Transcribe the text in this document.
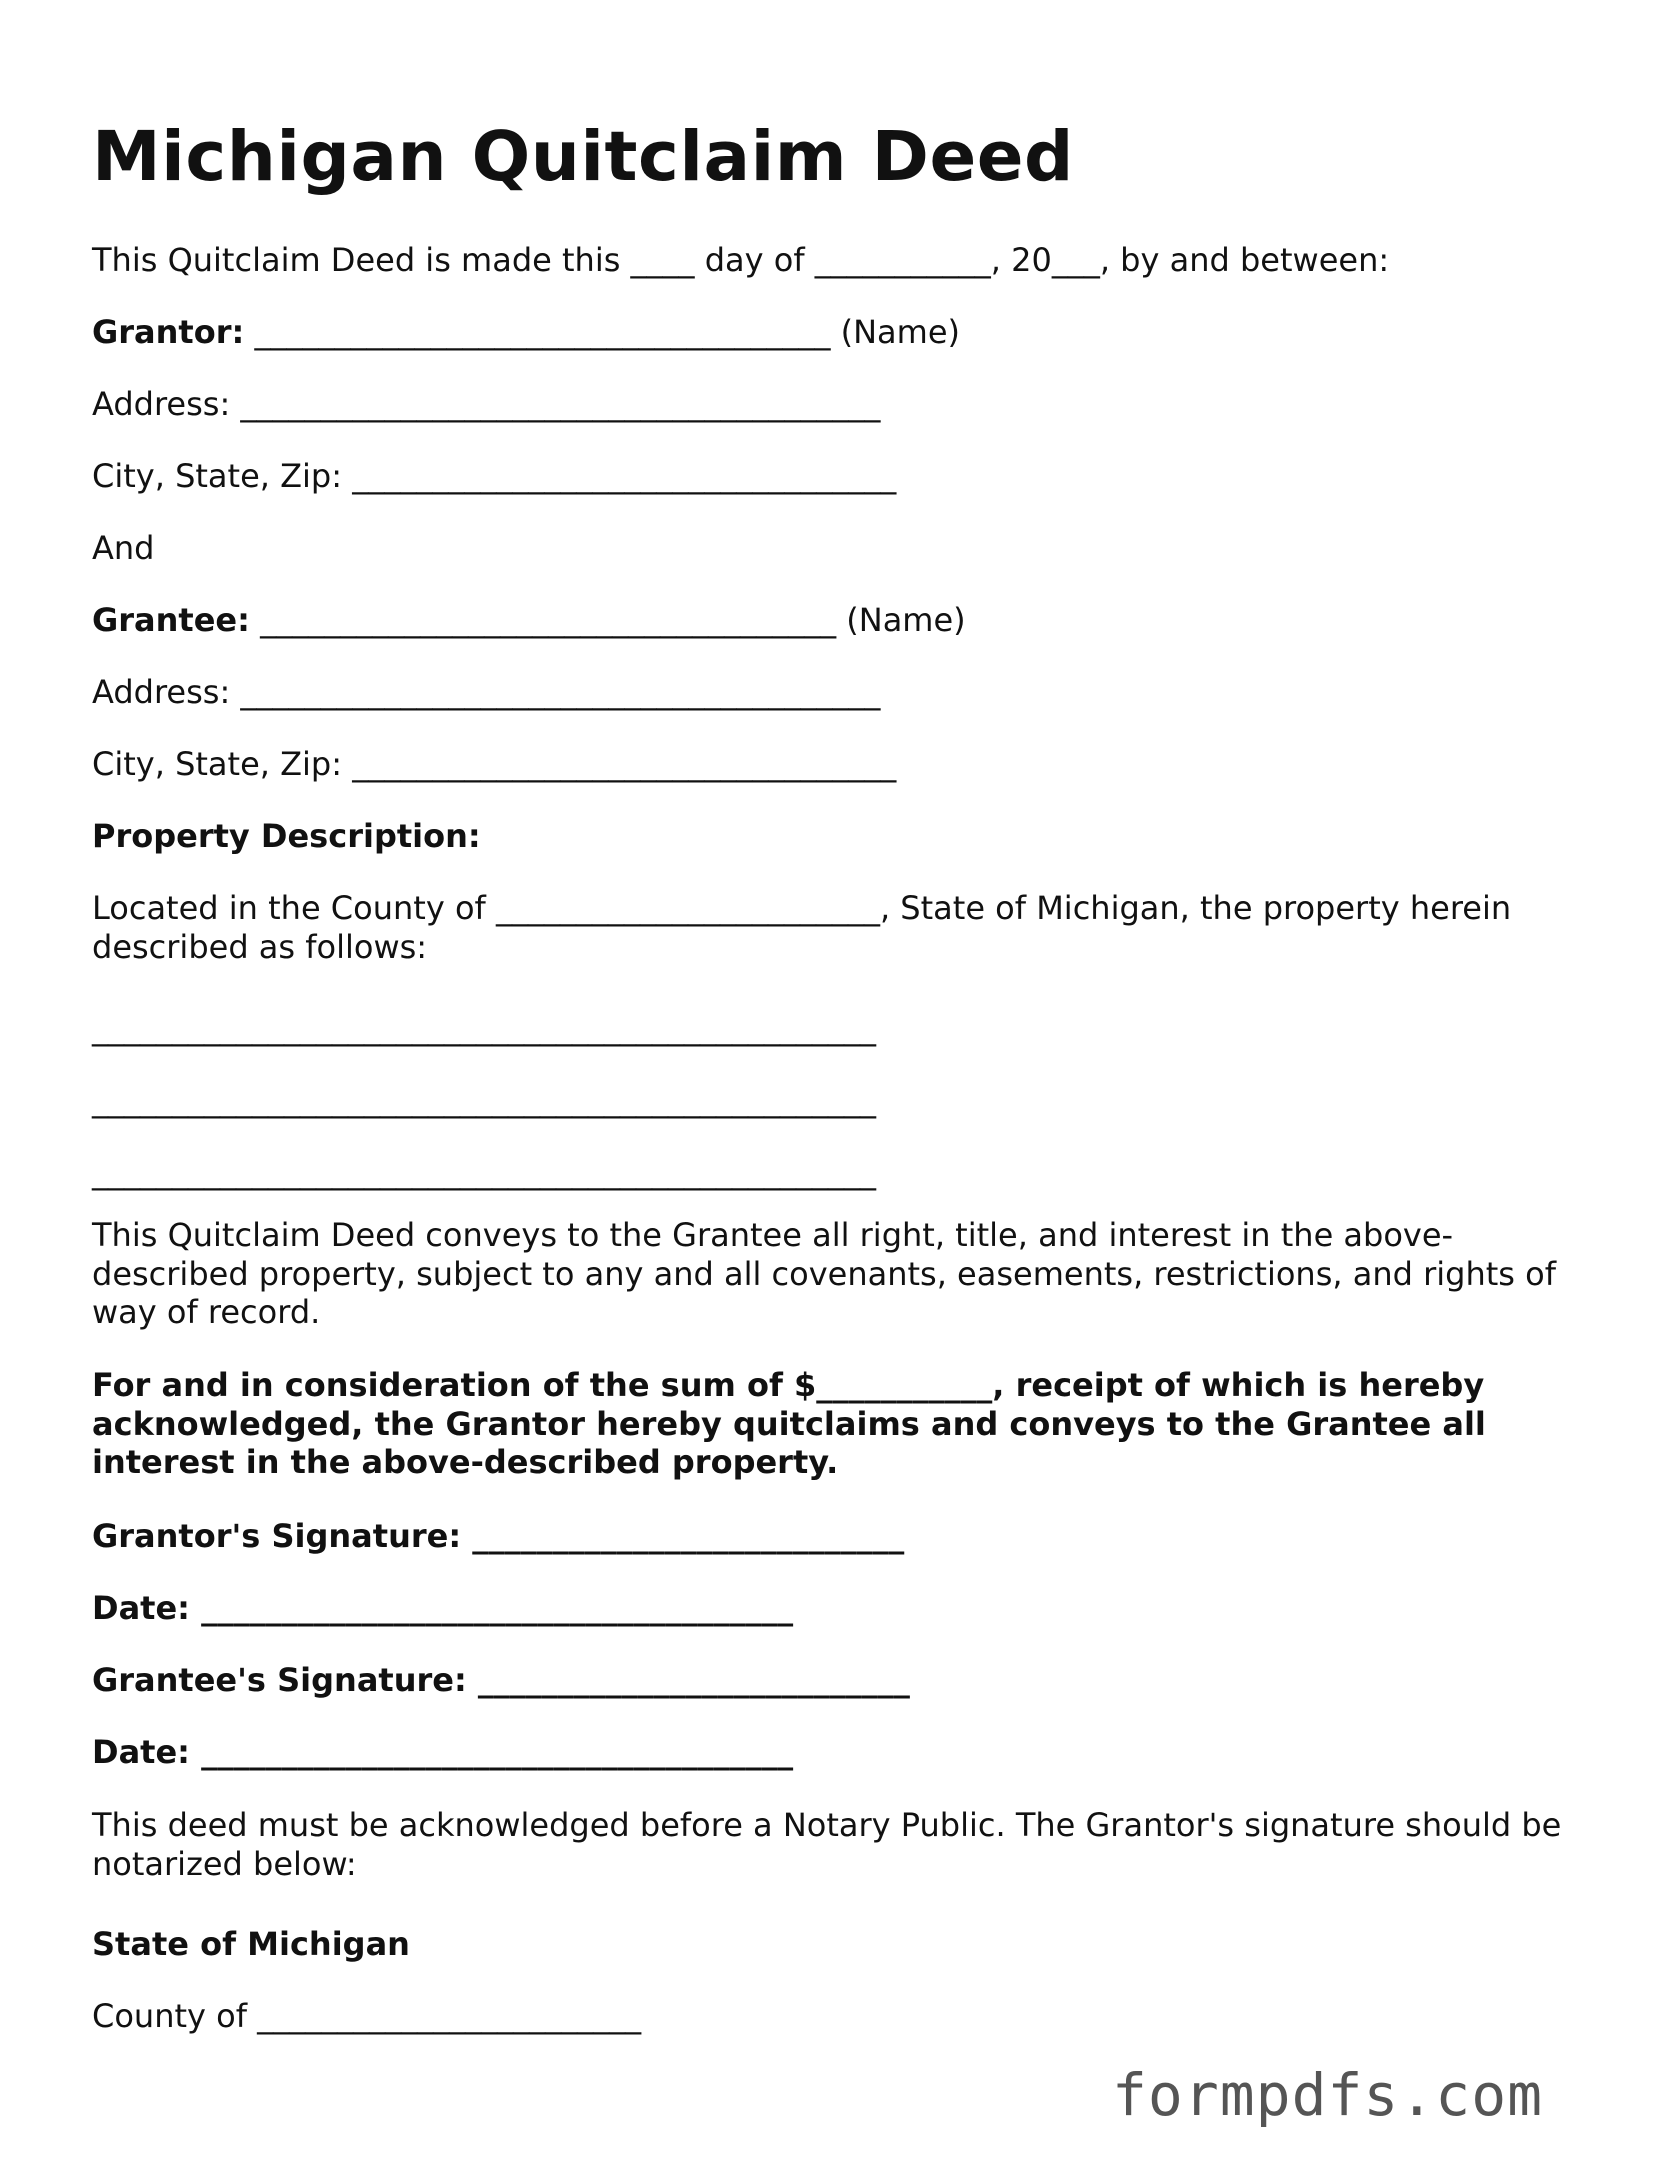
Michigan Quitclaim Deed
This Quitclaim Deed is made this ____ day of ___________, 20___, by and between:
Grantor: ____________________________________ (Name)
Address: ________________________________________
City, State, Zip: __________________________________
And
Grantee: ____________________________________ (Name)
Address: ________________________________________
City, State, Zip: __________________________________
Property Description:
Located in the County of ________________________, State of Michigan, the property herein described as follows:
_________________________________________________
_________________________________________________
_________________________________________________
This Quitclaim Deed conveys to the Grantee all right, title, and interest in the above-described property, subject to any and all covenants, easements, restrictions, and rights of way of record.
For and in consideration of the sum of $___________, receipt of which is hereby acknowledged, the Grantor hereby quitclaims and conveys to the Grantee all interest in the above-described property.
Grantor's Signature: ___________________________
Date: _____________________________________
Grantee's Signature: ___________________________
Date: _____________________________________
This deed must be acknowledged before a Notary Public. The Grantor's signature should be notarized below:
State of Michigan
County of ________________________
formpdfs.com
